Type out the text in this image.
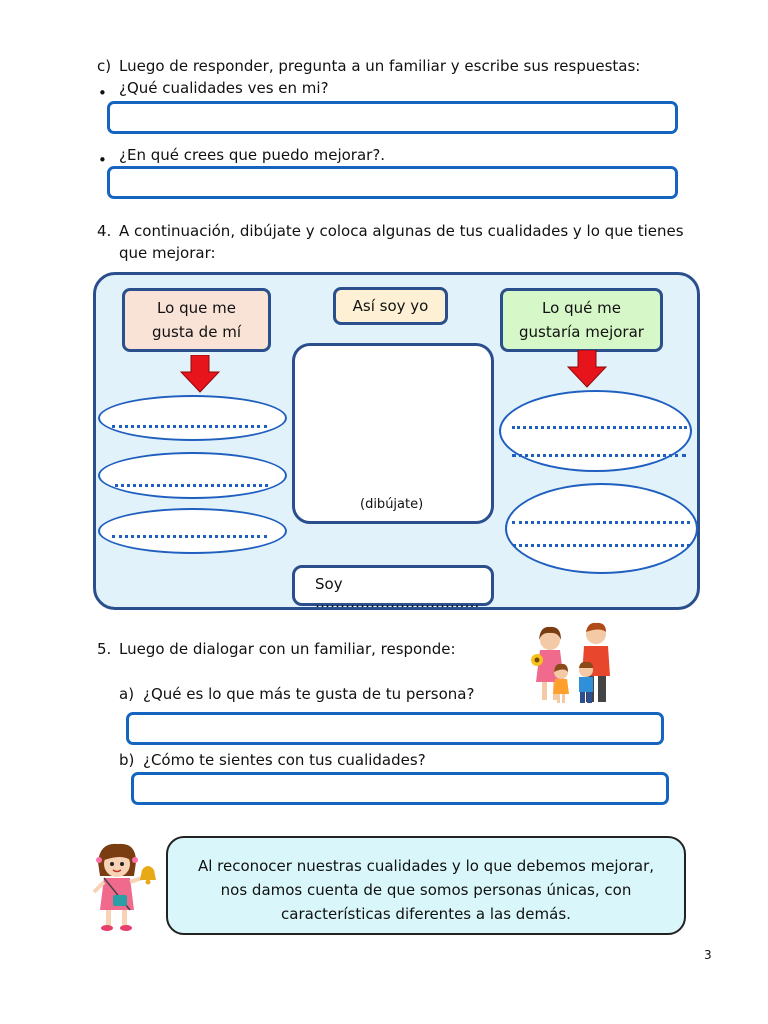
c) Luego de responder, pregunta a un familiar y escribe sus respuestas:
• ¿Qué cualidades ves en mi?
• ¿En qué crees que puedo mejorar?.
4. A continuación, dibújate y coloca algunas de tus cualidades y lo que tienes
que mejorar:
Lo que me
gusta de mí
Así soy yo
(dibújate)
Soy ………………………..….
Lo qué me
gustaría mejorar
5. Luego de dialogar con un familiar, responde:
a) ¿Qué es lo que más te gusta de tu persona?
b) ¿Cómo te sientes con tus cualidades?
Al reconocer nuestras cualidades y lo que debemos mejorar,
nos damos cuenta de que somos personas únicas, con
características diferentes a las demás.
3
